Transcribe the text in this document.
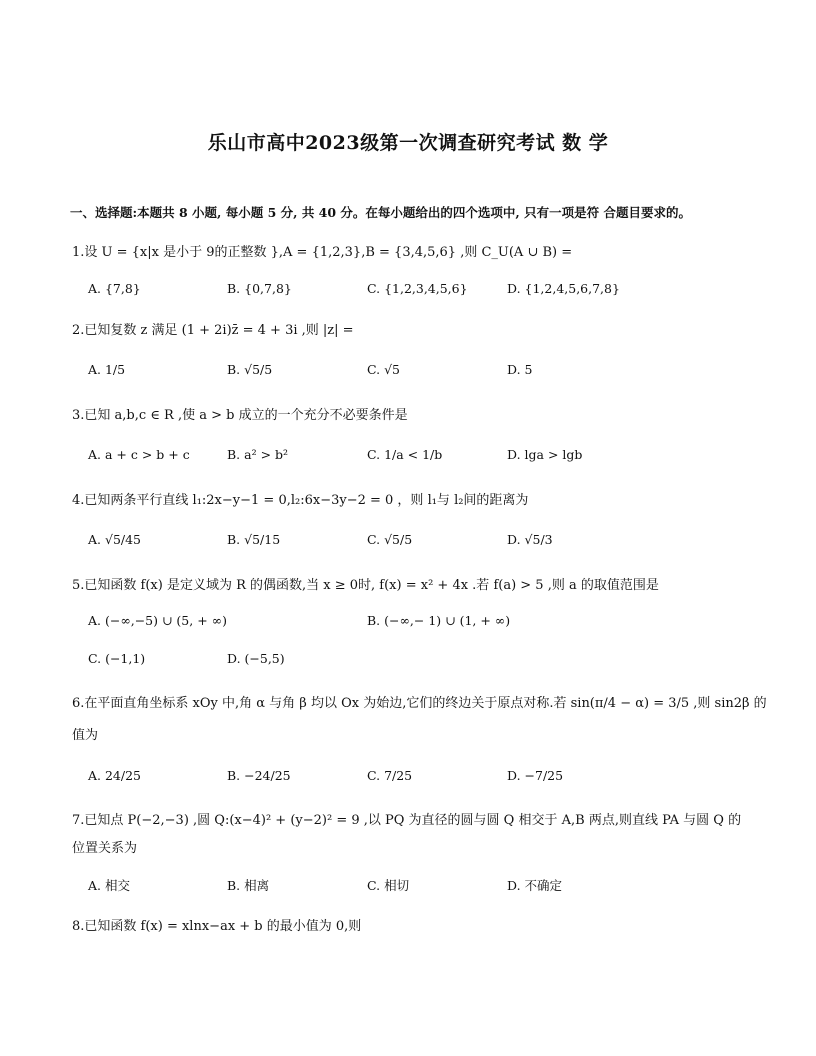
乐山市高中2023级第一次调查研究考试 数 学
一、选择题:本题共 8 小题, 每小题 5 分, 共 40 分。在每小题给出的四个选项中, 只有一项是符 合题目要求的。
1.设 U = {x|x 是小于 9的正整数 },A = {1,2,3},B = {3,4,5,6} ,则 C_U(A ∪ B) =
A. {7,8}	B. {0,7,8}	C. {1,2,3,4,5,6}	D. {1,2,4,5,6,7,8}
2.已知复数 z 满足 (1 + 2i)z̄ = 4 + 3i ,则 |z| =
A. 1/5	B. √5/5	C. √5	D. 5
3.已知 a,b,c ∈ R ,使 a > b 成立的一个充分不必要条件是
A. a + c > b + c	B. a² > b²	C. 1/a < 1/b	D. lga > lgb
4.已知两条平行直线 l₁:2x−y−1 = 0,l₂:6x−3y−2 = 0 ，则 l₁与 l₂间的距离为
A. √5/45	B. √5/15	C. √5/5	D. √5/3
5.已知函数 f(x) 是定义域为 R 的偶函数,当 x ≥ 0时, f(x) = x² + 4x .若 f(a) > 5 ,则 a 的取值范围是
A. (−∞,−5) ∪ (5, + ∞)	B. (−∞,− 1) ∪ (1, + ∞)
C. (−1,1)	D. (−5,5)
6.在平面直角坐标系 xOy 中,角 α 与角 β 均以 Ox 为始边,它们的终边关于原点对称.若 sin(π/4 − α) = 3/5 ,则 sin2β 的
值为
A. 24/25	B. −24/25	C. 7/25	D. −7/25
7.已知点 P(−2,−3) ,圆 Q:(x−4)² + (y−2)² = 9 ,以 PQ 为直径的圆与圆 Q 相交于 A,B 两点,则直线 PA 与圆 Q 的
位置关系为
A. 相交	B. 相离	C. 相切	D. 不确定
8.已知函数 f(x) = xlnx−ax + b 的最小值为 0,则
